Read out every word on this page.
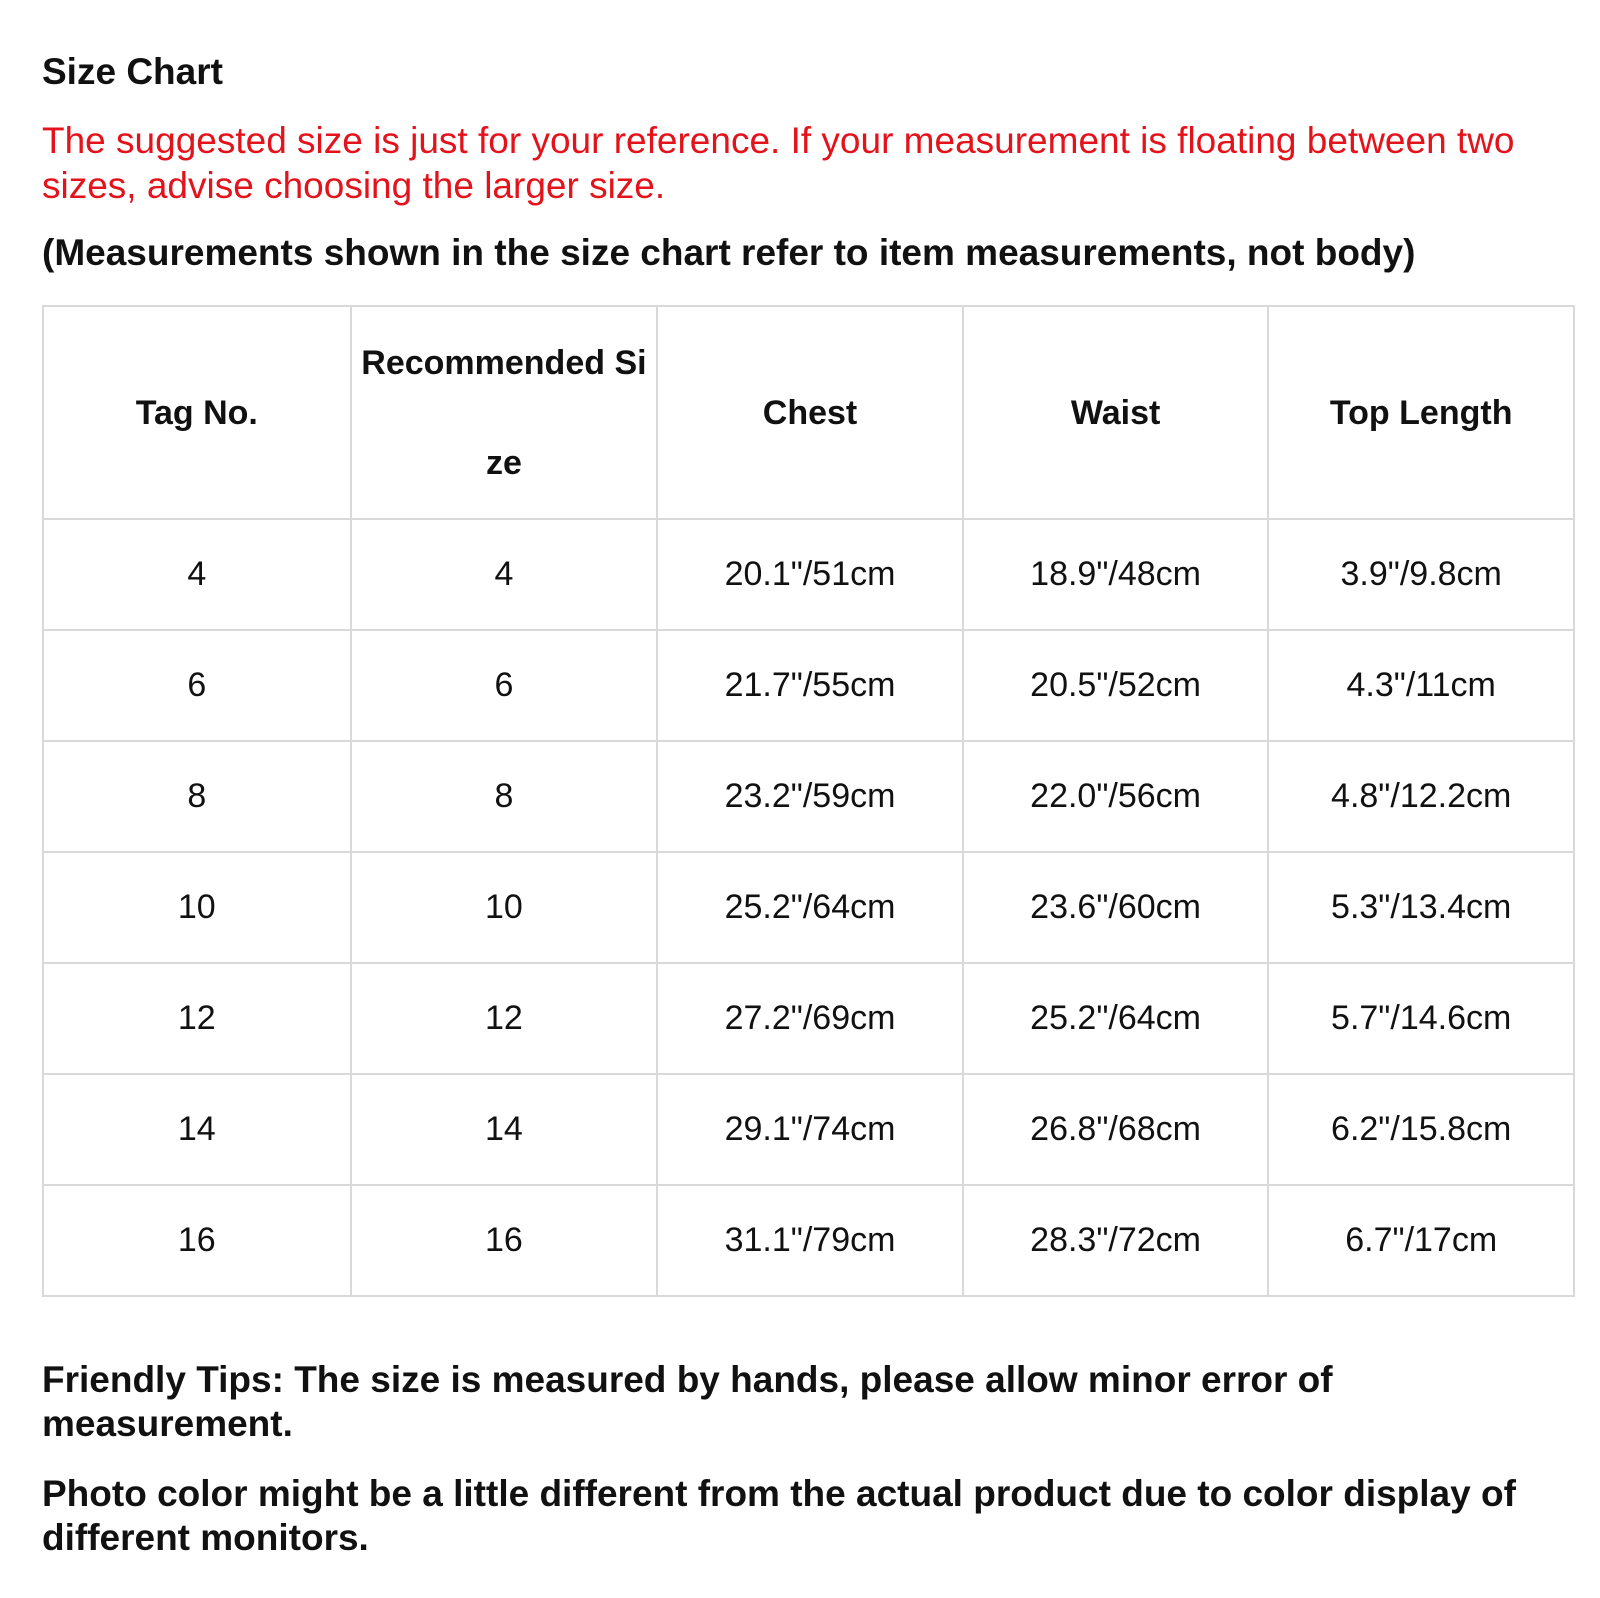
Size Chart
The suggested size is just for your reference. If your measurement is floating between two sizes, advise choosing the larger size.
(Measurements shown in the size chart refer to item measurements, not body)
Tag No.	Recommended Size	Chest	Waist	Top Length
4	4	20.1"/51cm	18.9"/48cm	3.9"/9.8cm
6	6	21.7"/55cm	20.5"/52cm	4.3"/11cm
8	8	23.2"/59cm	22.0"/56cm	4.8"/12.2cm
10	10	25.2"/64cm	23.6"/60cm	5.3"/13.4cm
12	12	27.2"/69cm	25.2"/64cm	5.7"/14.6cm
14	14	29.1"/74cm	26.8"/68cm	6.2"/15.8cm
16	16	31.1"/79cm	28.3"/72cm	6.7"/17cm
Friendly Tips: The size is measured by hands, please allow minor error of measurement.
Photo color might be a little different from the actual product due to color display of different monitors.
